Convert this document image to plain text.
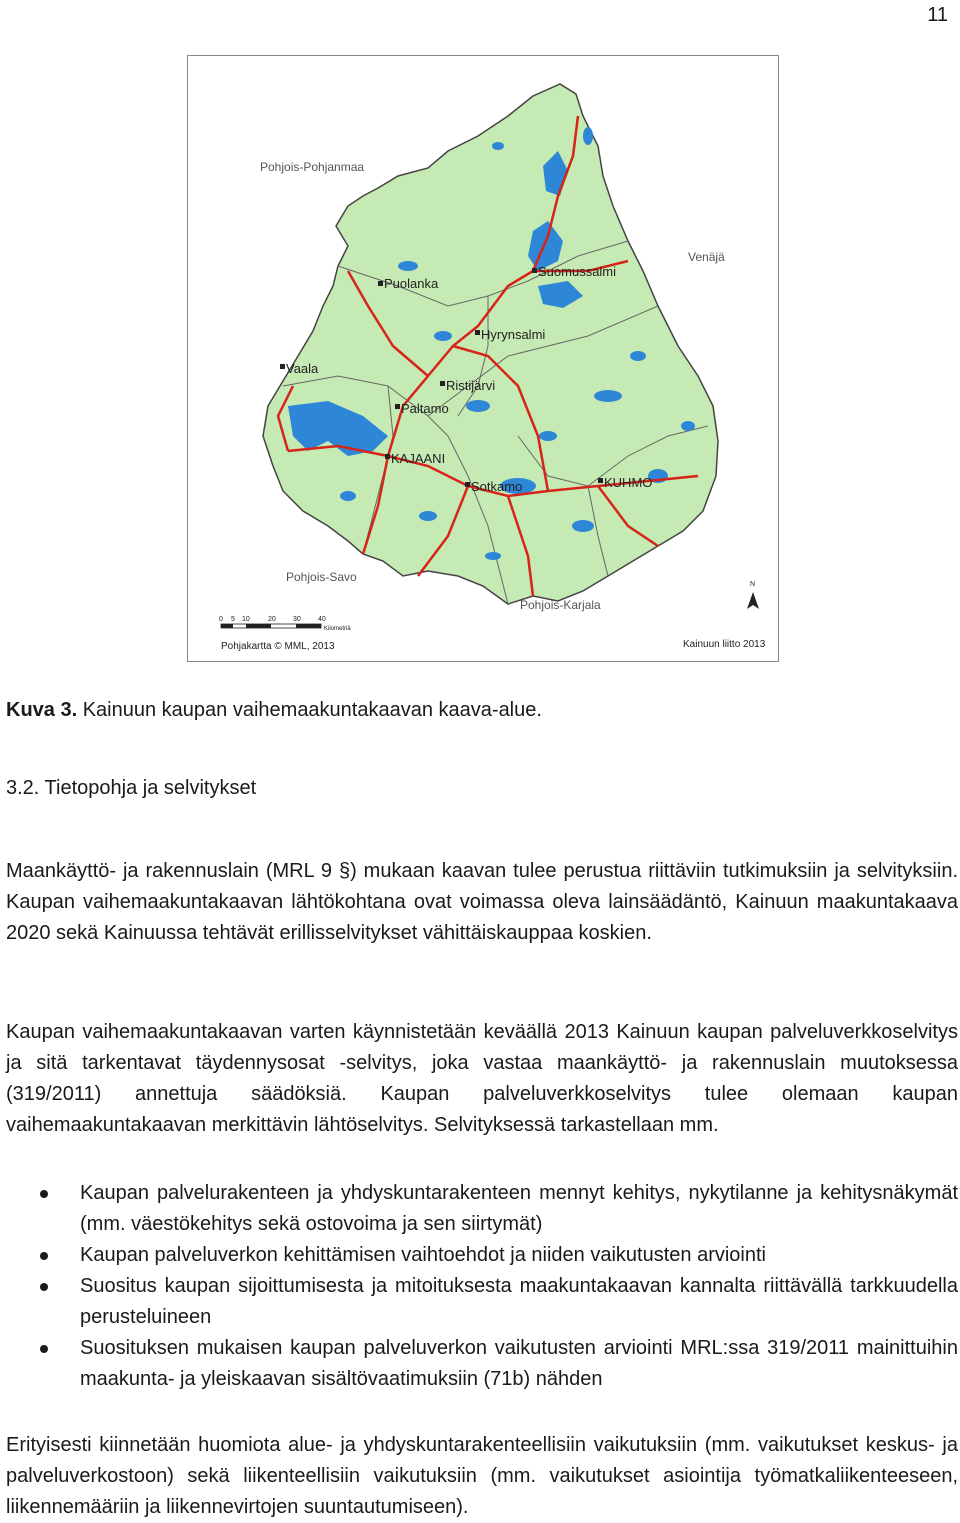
11
Pohjois-Pohjanmaa
Venäjä
Pohjois-Savo
Pohjois-Karjala
Suomussalmi
Puolanka
Hyrynsalmi
Vaala
Ristijärvi
Paltamo
KAJAANI
Sotkamo	KUHMO
N
0 5 10	20 30 40
Kilometriä
Pohjakartta © MML, 2013	Kainuun liitto 2013
Kuva 3. Kainuun kaupan vaihemaakuntakaavan kaava-alue.
3.2. Tietopohja ja selvitykset

Maankäyttö- ja rakennuslain (MRL 9 §) mukaan kaavan tulee perustua riittäviin tutkimuksiin ja selvityksiin. Kaupan vaihemaakuntakaavan lähtökohtana ovat voimassa oleva lainsäädäntö, Kainuun maakuntakaava 2020 sekä Kainuussa tehtävät erillisselvitykset vähittäiskauppaa koskien.

Kaupan vaihemaakuntakaavan varten käynnistetään keväällä 2013 Kainuun kaupan palveluverkkoselvitys ja sitä tarkentavat täydennysosat -selvitys, joka vastaa maankäyttö- ja rakennuslain muutoksessa (319/2011) annettuja säädöksiä. Kaupan palveluverkkoselvitys tulee olemaan kaupan vaihemaakuntakaavan merkittävin lähtöselvitys. Selvityksessä tarkastellaan mm.

Kaupan palvelurakenteen ja yhdyskuntarakenteen mennyt kehitys, nykytilanne ja kehitysnäkymät (mm. väestökehitys sekä ostovoima ja sen siirtymät)
Kaupan palveluverkon kehittämisen vaihtoehdot ja niiden vaikutusten arviointi
Suositus kaupan sijoittumisesta ja mitoituksesta maakuntakaavan kannalta riittävällä tarkkuudella perusteluineen
Suosituksen mukaisen kaupan palveluverkon vaikutusten arviointi MRL:ssa 319/2011 mainittuihin maakunta- ja yleiskaavan sisältövaatimuksiin (71b) nähden

Erityisesti kiinnetään huomiota alue- ja yhdyskuntarakenteellisiin vaikutuksiin (mm. vaikutukset keskus- ja palveluverkostoon) sekä liikenteellisiin vaikutuksiin (mm. vaikutukset asiointija työmatkaliikenteeseen, liikennemääriin ja liikennevirtojen suuntautumiseen).
